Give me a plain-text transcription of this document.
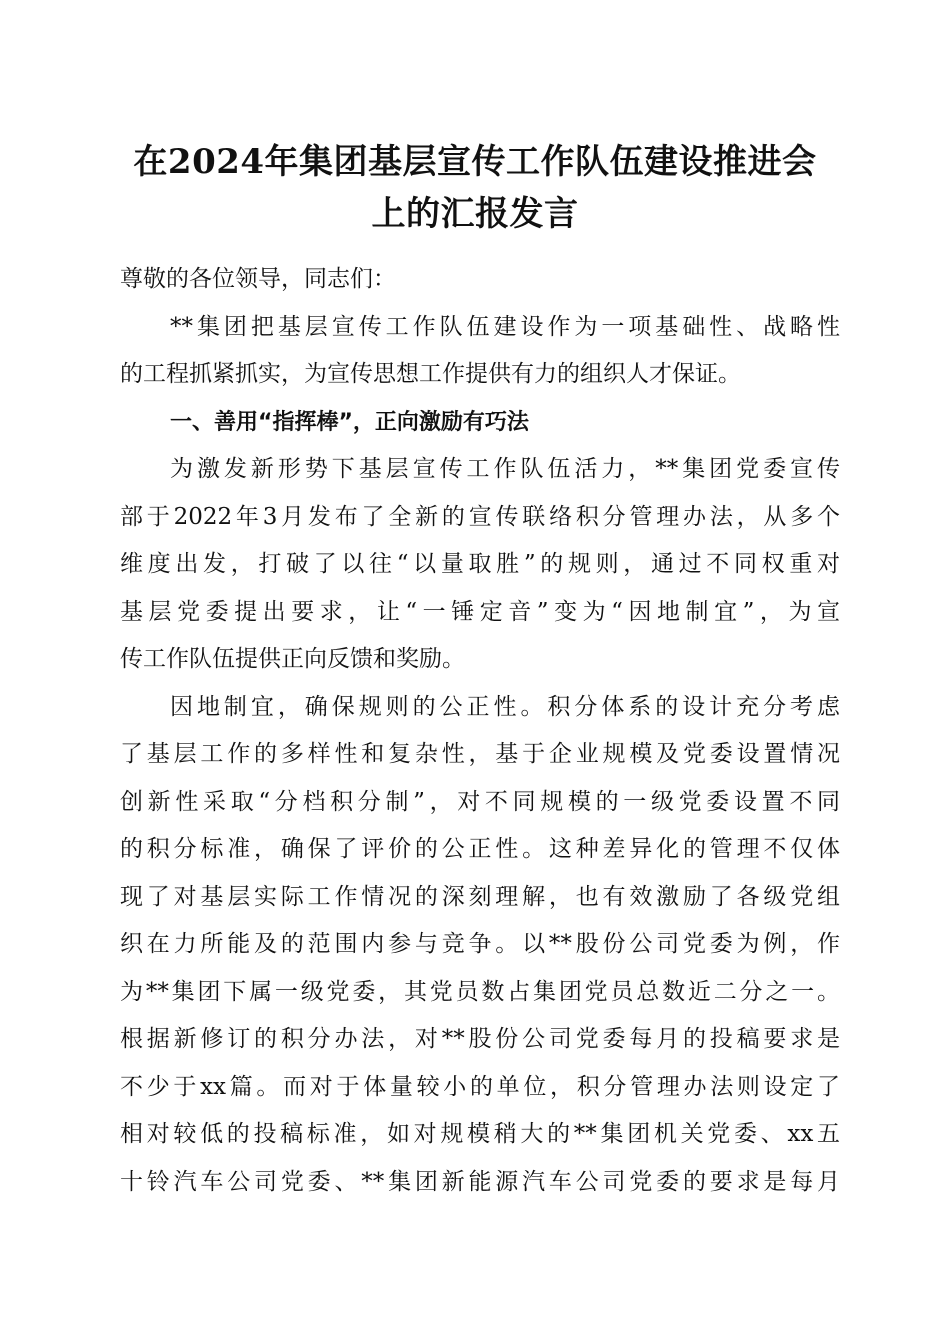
在2024年集团基层宣传工作队伍建设推进会
上的汇报发言
尊敬的各位领导，同志们：
**集团把基层宣传工作队伍建设作为一项基础性、战略性
的工程抓紧抓实，为宣传思想工作提供有力的组织人才保证。
一、善用“指挥棒”，正向激励有巧法
为激发新形势下基层宣传工作队伍活力，**集团党委宣传
部于2022年3月发布了全新的宣传联络积分管理办法，从多个
维度出发，打破了以往“以量取胜”的规则，通过不同权重对
基层党委提出要求，让“一锤定音”变为“因地制宜”，为宣
传工作队伍提供正向反馈和奖励。
因地制宜，确保规则的公正性。积分体系的设计充分考虑
了基层工作的多样性和复杂性，基于企业规模及党委设置情况
创新性采取“分档积分制”，对不同规模的一级党委设置不同
的积分标准，确保了评价的公正性。这种差异化的管理不仅体
现了对基层实际工作情况的深刻理解，也有效激励了各级党组
织在力所能及的范围内参与竞争。以**股份公司党委为例，作
为**集团下属一级党委，其党员数占集团党员总数近二分之一。
根据新修订的积分办法，对**股份公司党委每月的投稿要求是
不少于xx篇。而对于体量较小的单位，积分管理办法则设定了
相对较低的投稿标准，如对规模稍大的**集团机关党委、xx五
十铃汽车公司党委、**集团新能源汽车公司党委的要求是每月
